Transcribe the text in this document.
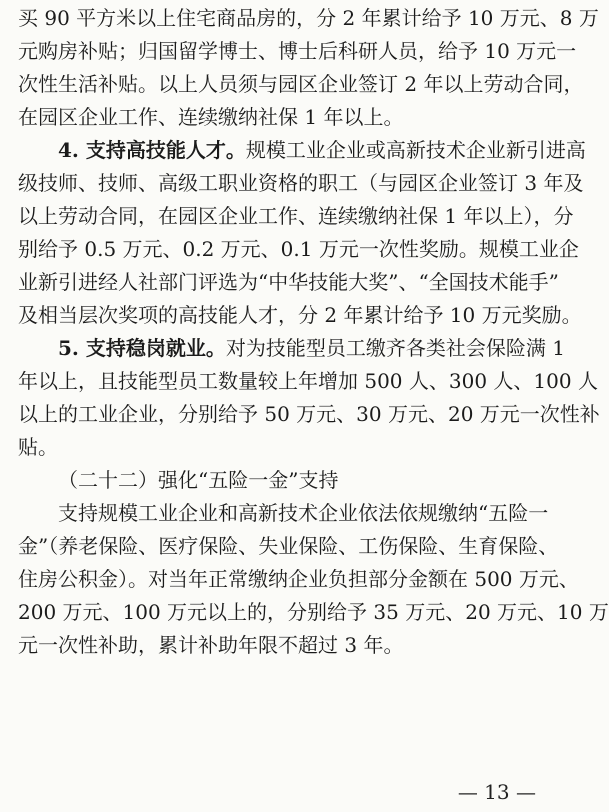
买 90 平方米以上住宅商品房的，分 2 年累计给予 10 万元、8 万
元购房补贴；归国留学博士、博士后科研人员，给予 10 万元一
次性生活补贴。以上人员须与园区企业签订 2 年以上劳动合同，
在园区企业工作、连续缴纳社保 1 年以上。
4. 支持高技能人才。规模工业企业或高新技术企业新引进高
级技师、技师、高级工职业资格的职工（与园区企业签订 3 年及
以上劳动合同，在园区企业工作、连续缴纳社保 1 年以上），分
别给予 0.5 万元、0.2 万元、0.1 万元一次性奖励。规模工业企
业新引进经人社部门评选为“中华技能大奖”、“全国技术能手”
及相当层次奖项的高技能人才，分 2 年累计给予 10 万元奖励。
5. 支持稳岗就业。对为技能型员工缴齐各类社会保险满 1
年以上，且技能型员工数量较上年增加 500 人、300 人、100 人
以上的工业企业，分别给予 50 万元、30 万元、20 万元一次性补
贴。
（二十二）强化“五险一金”支持
支持规模工业企业和高新技术企业依法依规缴纳“五险一
金”（养老保险、医疗保险、失业保险、工伤保险、生育保险、
住房公积金）。对当年正常缴纳企业负担部分金额在 500 万元、
200 万元、100 万元以上的，分别给予 35 万元、20 万元、10 万
元一次性补助，累计补助年限不超过 3 年。
— 13 —
